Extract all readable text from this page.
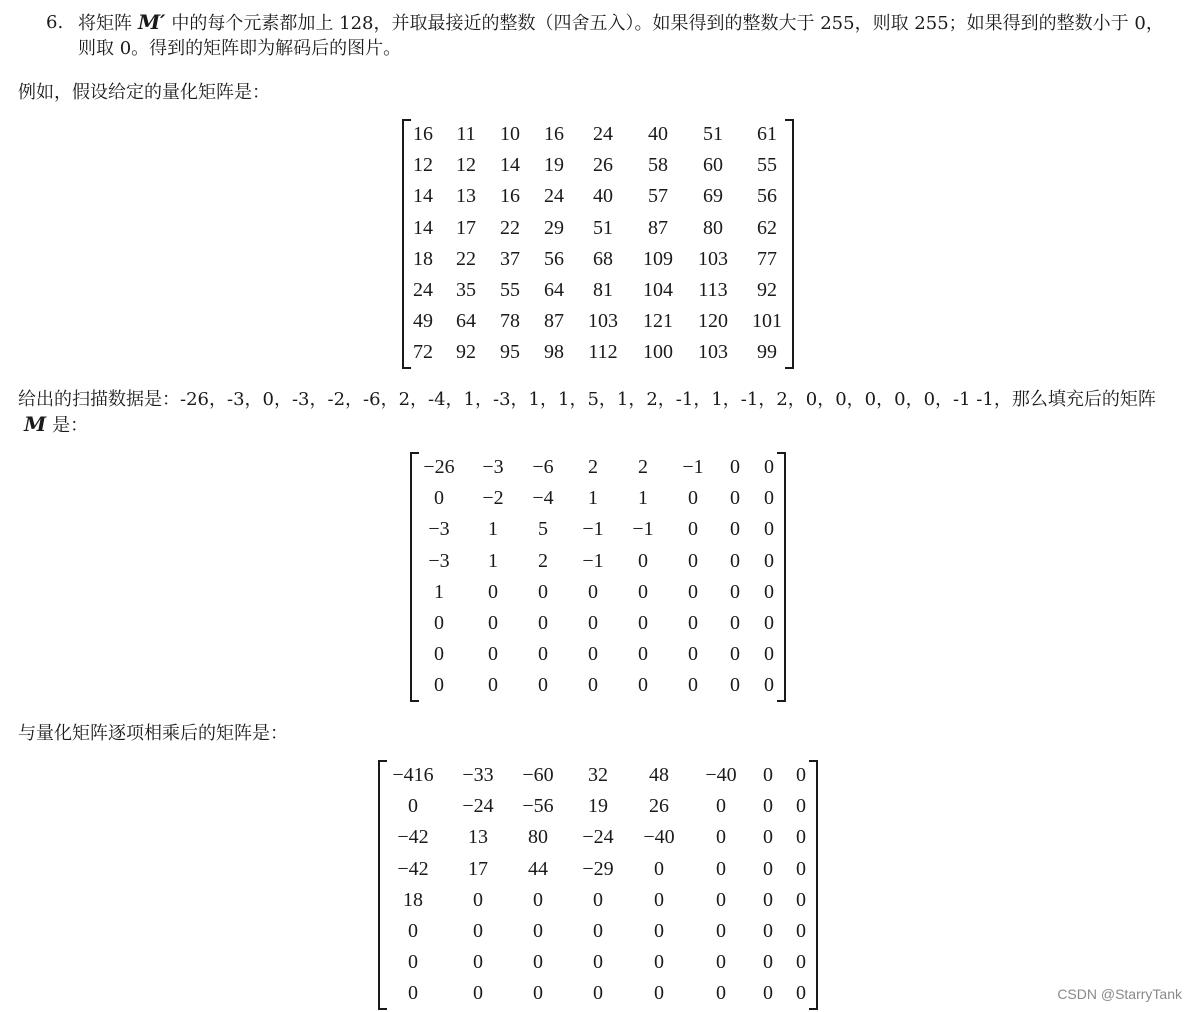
6. 将矩阵 M′ 中的每个元素都加上 128，并取最接近的整数（四舍五入）。如果得到的整数大于 255，则取 255；如果得到的整数小于 0，则取 0。得到的矩阵即为解码后的图片。
例如，假设给定的量化矩阵是：
16	11	10	16	24	40	51	61
12	12	14	19	26	58	60	55
14	13	16	24	40	57	69	56
14	17	22	29	51	87	80	62
18	22	37	56	68	109	103	77
24	35	55	64	81	104	113	92
49	64	78	87	103	121	120	101
72	92	95	98	112	100	103	99
给出的扫描数据是：-26，-3，0，-3，-2，-6，2，-4，1，-3，1，1，5，1，2，-1，1，-1，2，0，0，0，0，0，-1 -1，那么填充后的矩阵M 是：
−26	−3	−6	2	2	−1	0	0
0	−2	−4	1	1	0	0	0
−3	1	5	−1	−1	0	0	0
−3	1	2	−1	0	0	0	0
1	0	0	0	0	0	0	0
0	0	0	0	0	0	0	0
0	0	0	0	0	0	0	0
0	0	0	0	0	0	0	0
与量化矩阵逐项相乘后的矩阵是：
−416	−33	−60	32	48	−40	0	0
0	−24	−56	19	26	0	0	0
−42	13	80	−24	−40	0	0	0
−42	17	44	−29	0	0	0	0
18	0	0	0	0	0	0	0
0	0	0	0	0	0	0	0
0	0	0	0	0	0	0	0
0	0	0	0	0	0	0	0	CSDN @StarryTank
